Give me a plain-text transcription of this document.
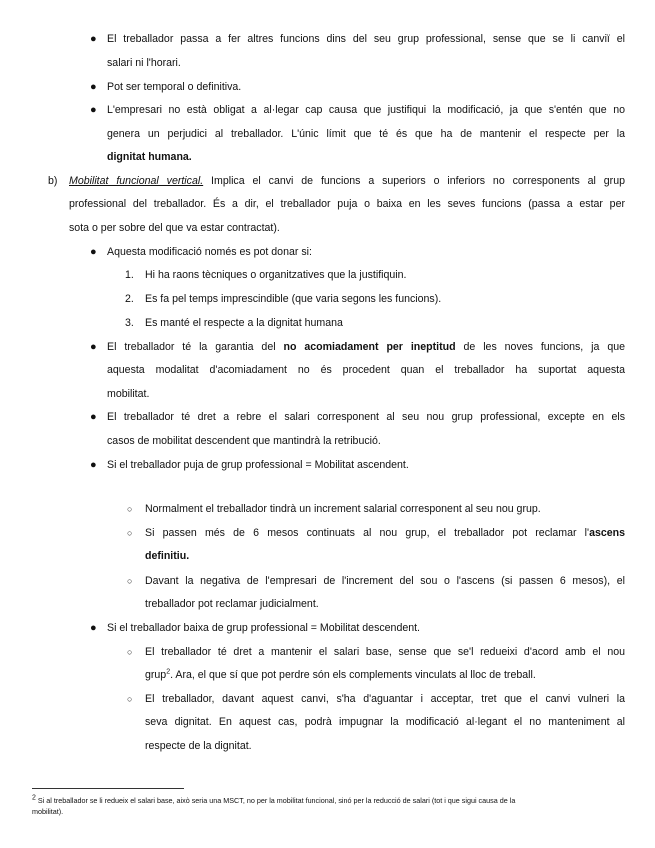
● El treballador passa a fer altres funcions dins del seu grup professional, sense que se li canviï el
salari ni l'horari.
● Pot ser temporal o definitiva.
● L'empresari no està obligat a al·legar cap causa que justifiqui la modificació, ja que s'entén que no
genera un perjudici al treballador. L'únic límit que té és que ha de mantenir el respecte per la
dignitat humana.
b) Mobilitat funcional vertical. Implica el canvi de funcions a superiors o inferiors no corresponents al grup
professional del treballador. És a dir, el treballador puja o baixa en les seves funcions (passa a estar per
sota o per sobre del que va estar contractat).
● Aquesta modificació només es pot donar si:
1. Hi ha raons tècniques o organitzatives que la justifiquin.
2. Es fa pel temps imprescindible (que varia segons les funcions).
3. Es manté el respecte a la dignitat humana
● El treballador té la garantia del no acomiadament per ineptitud de les noves funcions, ja que
aquesta modalitat d'acomiadament no és procedent quan el treballador ha suportat aquesta
mobilitat.
● El treballador té dret a rebre el salari corresponent al seu nou grup professional, excepte en els
casos de mobilitat descendent que mantindrà la retribució.
● Si el treballador puja de grup professional = Mobilitat ascendent.
○ Normalment el treballador tindrà un increment salarial corresponent al seu nou grup.
○ Si passen més de 6 mesos continuats al nou grup, el treballador pot reclamar l'ascens
definitiu.
○ Davant la negativa de l'empresari de l'increment del sou o l'ascens (si passen 6 mesos), el
treballador pot reclamar judicialment.
● Si el treballador baixa de grup professional = Mobilitat descendent.
○ El treballador té dret a mantenir el salari base, sense que se'l redueixi d'acord amb el nou
grup$^2$. Ara, el que sí que pot perdre són els complements vinculats al lloc de treball.
○ El treballador, davant aquest canvi, s'ha d'aguantar i acceptar, tret que el canvi vulneri la
seva dignitat. En aquest cas, podrà impugnar la modificació al·legant el no manteniment al
respecte de la dignitat.
$^2$ Si al treballador se li redueix el salari base, això seria una MSCT, no per la mobilitat funcional, sinó per la reducció de salari (tot i que sigui causa de la
mobilitat).
